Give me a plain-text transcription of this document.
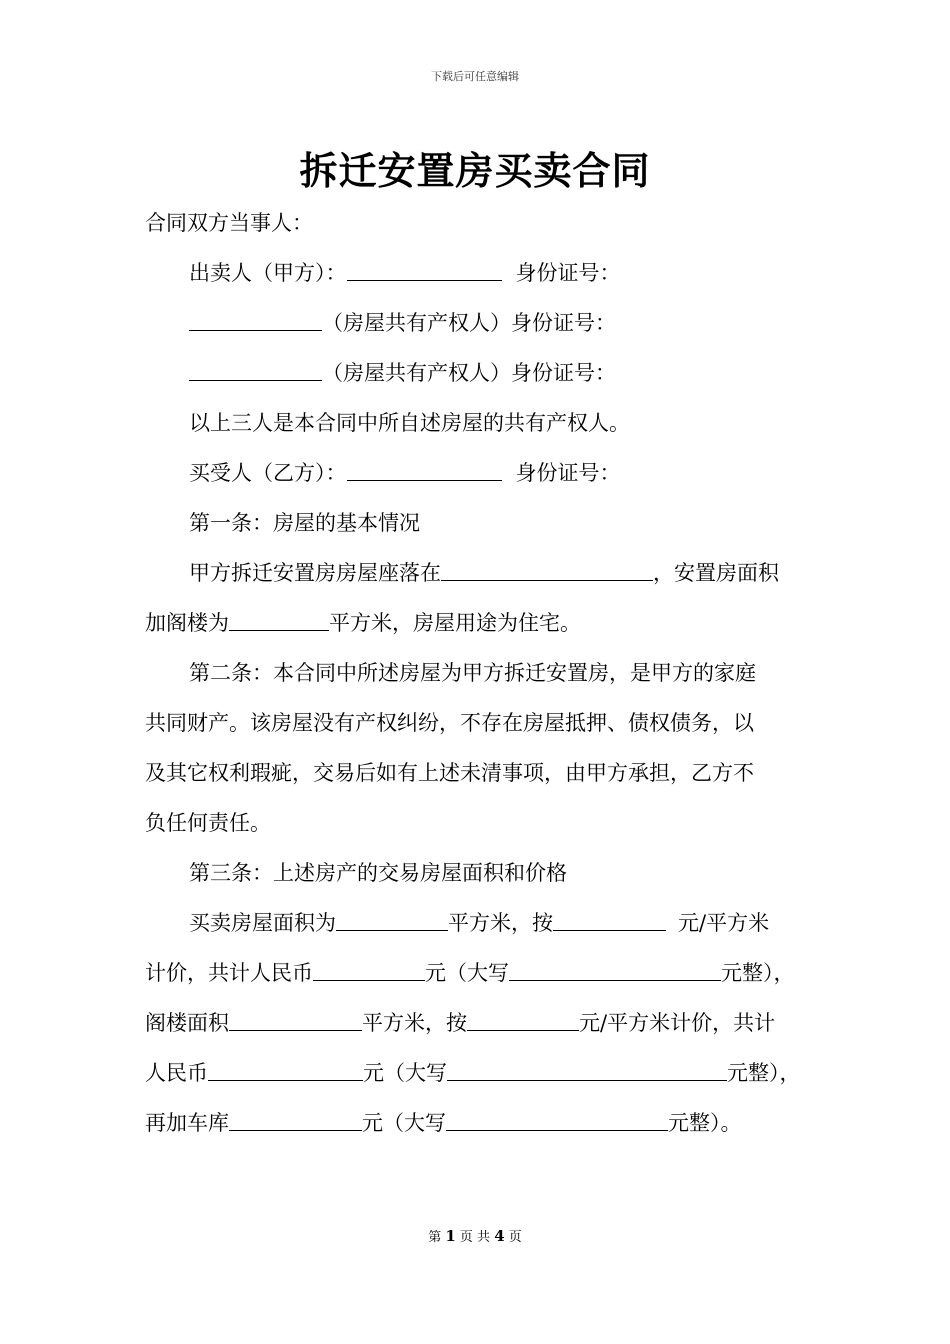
下载后可任意编辑
拆迁安置房买卖合同
合同双方当事人：
出卖人（甲方）：	身份证号：
（房屋共有产权人）身份证号：
（房屋共有产权人）身份证号：
以上三人是本合同中所自述房屋的共有产权人。
买受人（乙方）：	身份证号：
第一条：房屋的基本情况
甲方拆迁安置房房屋座落在	，安置房面积
加阁楼为	平方米，房屋用途为住宅。
第二条：本合同中所述房屋为甲方拆迁安置房，是甲方的家庭
共同财产。该房屋没有产权纠纷，不存在房屋抵押、债权债务，以
及其它权利瑕疵，交易后如有上述未清事项，由甲方承担，乙方不
负任何责任。
第三条：上述房产的交易房屋面积和价格
买卖房屋面积为	平方米，按	元/平方米
计价，共计人民币	元（大写	元整），
阁楼面积	平方米，按	元/平方米计价，共计
人民币	元（大写	元整），
再加车库	元（大写	元整）。
第 1 页 共 4 页
